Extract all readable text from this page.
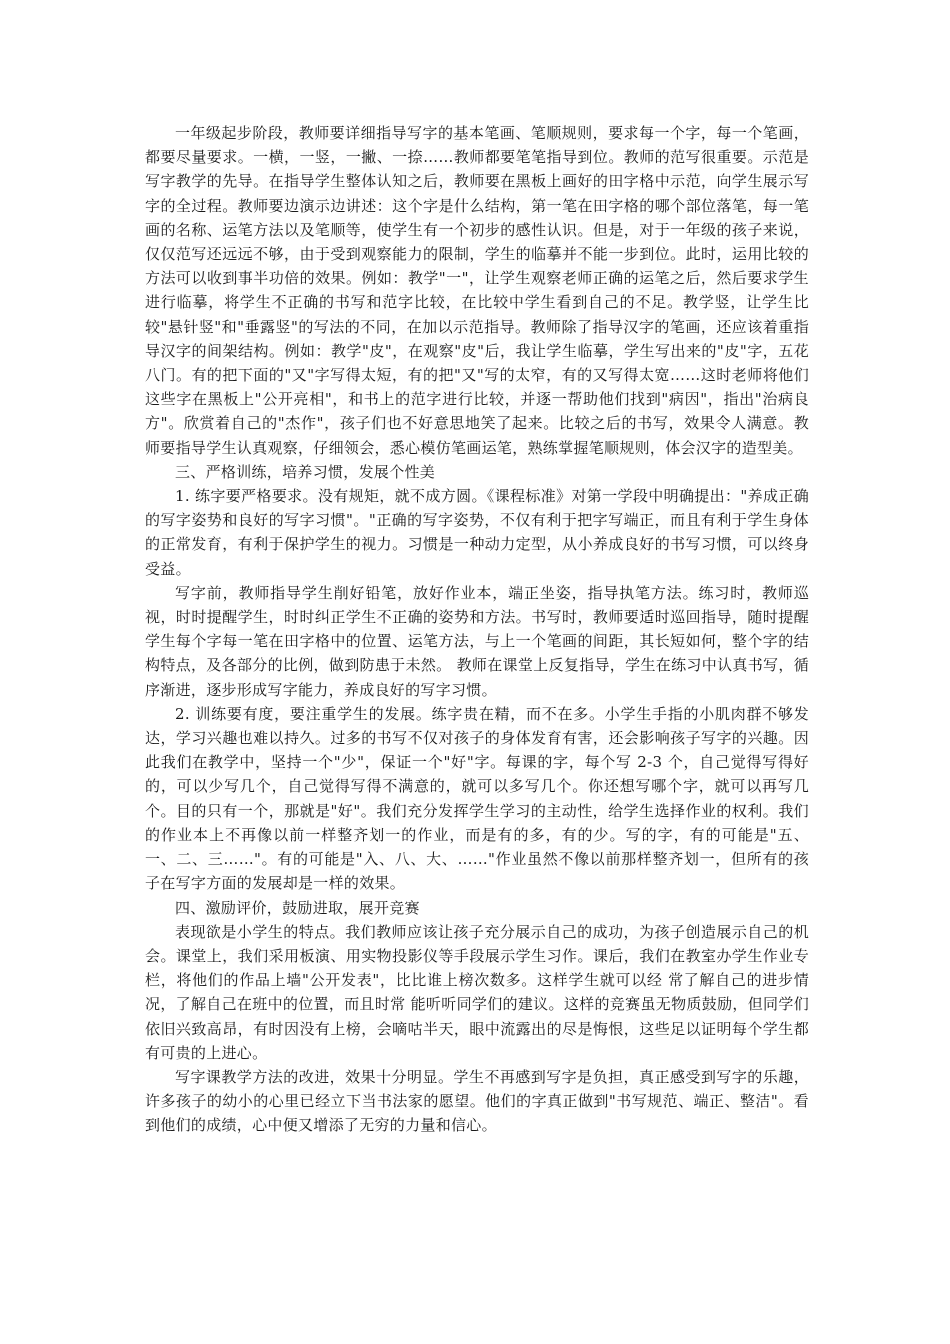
一年级起步阶段，教师要详细指导写字的基本笔画、笔顺规则，要求每一个字，每一个笔画，都要尽量要求。一横，一竖，一撇、一捺……教师都要笔笔指导到位。教师的范写很重要。示范是写字教学的先导。在指导学生整体认知之后，教师要在黑板上画好的田字格中示范，向学生展示写字的全过程。教师要边演示边讲述：这个字是什么结构，第一笔在田字格的哪个部位落笔，每一笔画的名称、运笔方法以及笔顺等，使学生有一个初步的感性认识。但是，对于一年级的孩子来说，仅仅范写还远远不够，由于受到观察能力的限制，学生的临摹并不能一步到位。此时，运用比较的方法可以收到事半功倍的效果。例如：教学"一"，让学生观察老师正确的运笔之后，然后要求学生进行临摹，将学生不正确的书写和范字比较，在比较中学生看到自己的不足。教学竖，让学生比较"悬针竖"和"垂露竖"的写法的不同，在加以示范指导。教师除了指导汉字的笔画，还应该着重指导汉字的间架结构。例如：教学"皮"，在观察"皮"后，我让学生临摹，学生写出来的"皮"字，五花八门。有的把下面的"又"字写得太短，有的把"又"写的太窄，有的又写得太宽……这时老师将他们这些字在黑板上"公开亮相"，和书上的范字进行比较，并逐一帮助他们找到"病因"，指出"治病良方"。欣赏着自己的"杰作"，孩子们也不好意思地笑了起来。比较之后的书写，效果令人满意。教师要指导学生认真观察，仔细领会，悉心模仿笔画运笔，熟练掌握笔顺规则，体会汉字的造型美。

三、严格训练，培养习惯，发展个性美

1. 练字要严格要求。没有规矩，就不成方圆。《课程标准》对第一学段中明确提出："养成正确的写字姿势和良好的写字习惯"。"正确的写字姿势，不仅有利于把字写端正，而且有利于学生身体的正常发育，有利于保护学生的视力。习惯是一种动力定型，从小养成良好的书写习惯，可以终身受益。

写字前，教师指导学生削好铅笔，放好作业本，端正坐姿，指导执笔方法。练习时，教师巡视，时时提醒学生，时时纠正学生不正确的姿势和方法。书写时，教师要适时巡回指导，随时提醒学生每个字每一笔在田字格中的位置、运笔方法，与上一个笔画的间距，其长短如何，整个字的结构特点，及各部分的比例，做到防患于未然。 教师在课堂上反复指导，学生在练习中认真书写，循序渐进，逐步形成写字能力，养成良好的写字习惯。

2. 训练要有度，要注重学生的发展。练字贵在精，而不在多。小学生手指的小肌肉群不够发达，学习兴趣也难以持久。过多的书写不仅对孩子的身体发育有害，还会影响孩子写字的兴趣。因此我们在教学中，坚持一个"少"，保证一个"好"字。每课的字，每个写 2-3 个，自己觉得写得好的，可以少写几个，自己觉得写得不满意的，就可以多写几个。你还想写哪个字，就可以再写几个。目的只有一个，那就是"好"。我们充分发挥学生学习的主动性，给学生选择作业的权利。我们的作业本上不再像以前一样整齐划一的作业，而是有的多，有的少。写的字，有的可能是"五、一、二、三……"。有的可能是"入、八、大、……"作业虽然不像以前那样整齐划一，但所有的孩子在写字方面的发展却是一样的效果。

四、激励评价，鼓励进取，展开竞赛

表现欲是小学生的特点。我们教师应该让孩子充分展示自己的成功，为孩子创造展示自己的机会。课堂上，我们采用板演、用实物投影仪等手段展示学生习作。课后，我们在教室办学生作业专栏，将他们的作品上墙"公开发表"，比比谁上榜次数多。这样学生就可以经 常了解自己的进步情况，了解自己在班中的位置，而且时常 能听听同学们的建议。这样的竞赛虽无物质鼓励，但同学们依旧兴致高昂，有时因没有上榜，会嘀咕半天，眼中流露出的尽是悔恨，这些足以证明每个学生都有可贵的上进心。

写字课教学方法的改进，效果十分明显。学生不再感到写字是负担，真正感受到写字的乐趣，许多孩子的幼小的心里已经立下当书法家的愿望。他们的字真正做到"书写规范、端正、整洁"。看到他们的成绩，心中便又增添了无穷的力量和信心。
